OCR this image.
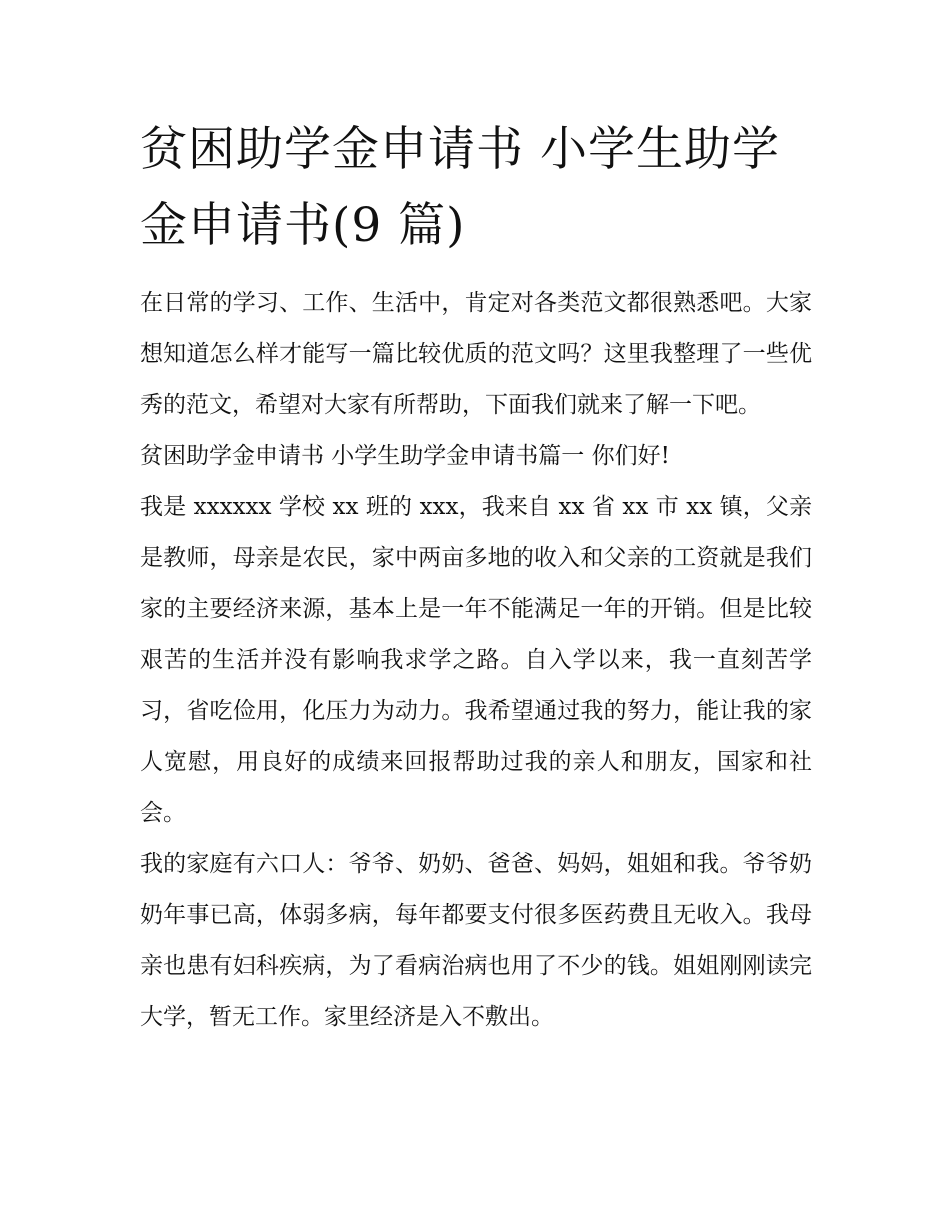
贫困助学金申请书 小学生助学
金申请书(9 篇)

在日常的学习、工作、生活中，肯定对各类范文都很熟悉吧。大家想知道怎么样才能写一篇比较优质的范文吗？这里我整理了一些优秀的范文，希望对大家有所帮助，下面我们就来了解一下吧。

贫困助学金申请书 小学生助学金申请书篇一 你们好!

我是 xxxxxx 学校 xx 班的 xxx，我来自 xx 省 xx 市 xx 镇，父亲是教师，母亲是农民，家中两亩多地的收入和父亲的工资就是我们家的主要经济来源，基本上是一年不能满足一年的开销。但是比较艰苦的生活并没有影响我求学之路。自入学以来，我一直刻苦学习，省吃俭用，化压力为动力。我希望通过我的努力，能让我的家人宽慰，用良好的成绩来回报帮助过我的亲人和朋友，国家和社会。

我的家庭有六口人：爷爷、奶奶、爸爸、妈妈，姐姐和我。爷爷奶奶年事已高，体弱多病，每年都要支付很多医药费且无收入。我母亲也患有妇科疾病，为了看病治病也用了不少的钱。姐姐刚刚读完大学，暂无工作。家里经济是入不敷出。
